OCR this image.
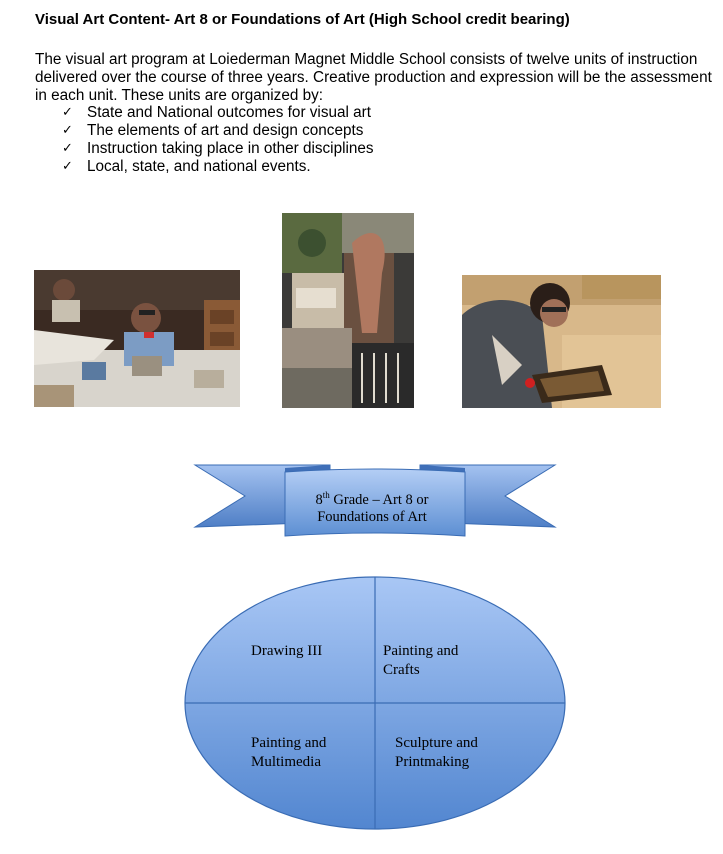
Visual Art Content- Art 8 or Foundations of Art (High School credit bearing)
The visual art program at Loiederman Magnet Middle School consists of twelve units of instruction delivered over the course of three years. Creative production and expression will be the assessment in each unit. These units are organized by:
✓ State and National outcomes for visual art
✓ The elements of art and design concepts
✓ Instruction taking place in other disciplines
✓ Local, state, and national events.
8th Grade – Art 8 or
Foundations of Art
Drawing III	Painting and
Crafts
Painting and
Multimedia
Sculpture and
Printmaking
